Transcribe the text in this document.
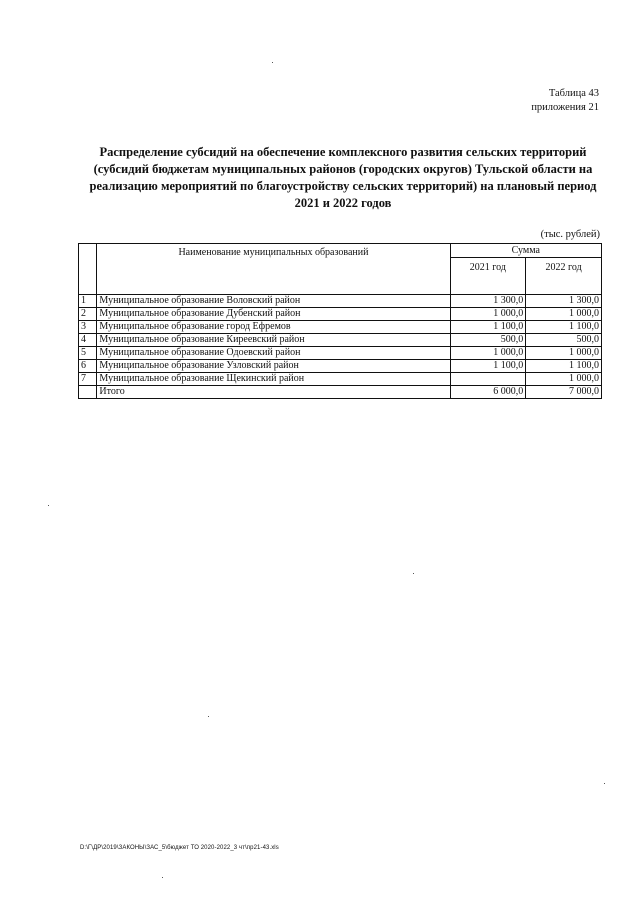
Таблица 43
приложения 21
Распределение субсидий на обеспечение комплексного развития сельских территорий
(субсидий бюджетам муниципальных районов (городских округов) Тульской области на
реализацию мероприятий по благоустройству сельских территорий) на плановый период
2021 и 2022 годов
(тыс. рублей)
	Наименование муниципальных образований	Сумма	
		2021 год	2022 год
1	Муниципальное образование Воловский район	1 300,0	1 300,0
2	Муниципальное образование Дубенский район	1 000,0	1 000,0
3	Муниципальное образование город Ефремов	1 100,0	1 100,0
4	Муниципальное образование Киреевский район	500,0	500,0
5	Муниципальное образование Одоевский район	1 000,0	1 000,0
6	Муниципальное образование Узловский район	1 100,0	1 100,0
7	Муниципальное образование Щекинский район		1 000,0
	Итого	6 000,0	7 000,0
D:\Г\ДР\2019\ЗАКОНЫ\ЗАС_5\бюджет ТО 2020-2022_3 чт\пр21-43.xls
